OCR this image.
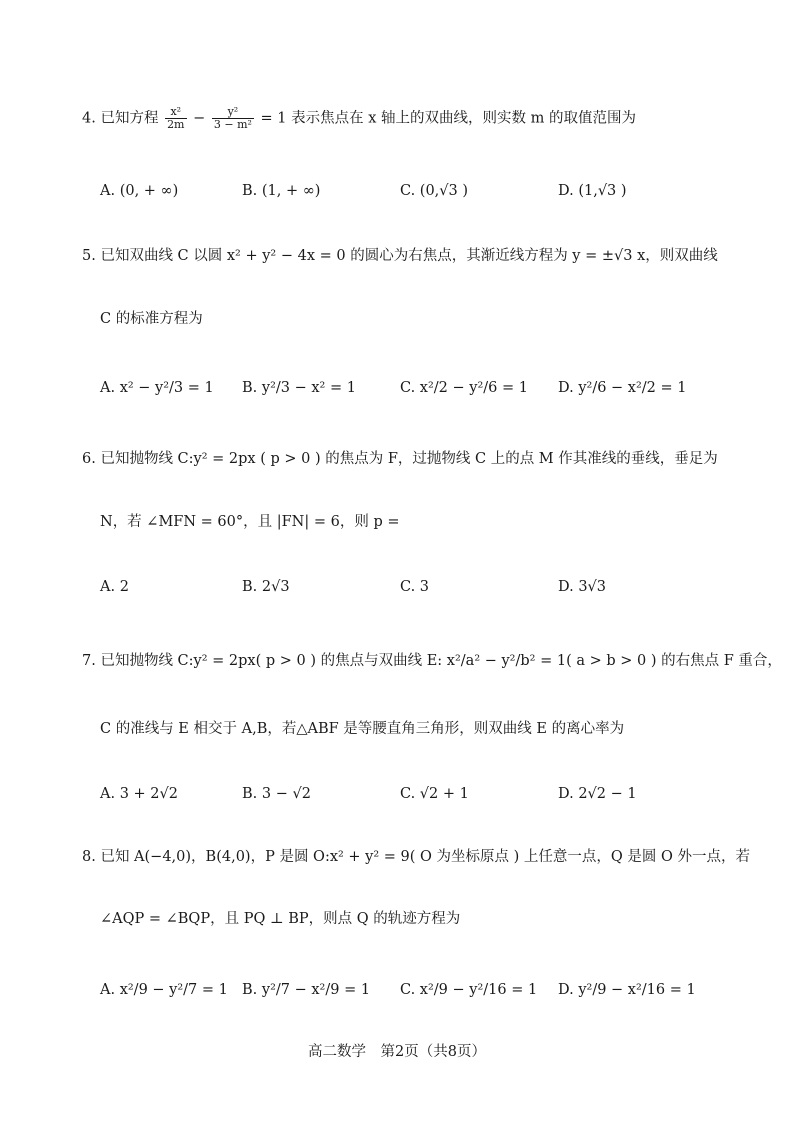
4. 已知方程 $\frac{\text{x²}}{2m} - \frac{\text{y²}}{\text{3 − m²}} = 1$ 表示焦点在 x 轴上的双曲线，则实数 m 的取值范围为
A. (0, + ∞)	B. (1, + ∞)	C. (0,√3 )	D. (1,√3 )
5. 已知双曲线 C 以圆 x² + y² − 4x = 0 的圆心为右焦点，其渐近线方程为 y = ±√3 x，则双曲线
C 的标准方程为
A. x² − y²/3 = 1 B. y²/3 − x² = 1	C. x²/2 − y²/6 = 1 D. y²/6 − x²/2 = 1
6. 已知抛物线 C:y² = 2px ( p > 0 ) 的焦点为 F，过抛物线 C 上的点 M 作其准线的垂线，垂足为
N，若 ∠MFN = 60°，且 |FN| = 6，则 p =
A. 2	B. 2√3	C. 3	D. 3√3
7. 已知抛物线 C:y² = 2px( p > 0 ) 的焦点与双曲线 E: x²/a² − y²/b² = 1( a > b > 0 ) 的右焦点 F 重合，
C 的准线与 E 相交于 A,B，若△ABF 是等腰直角三角形，则双曲线 E 的离心率为
A. 3 + 2√2	B. 3 − √2	C. √2 + 1	D. 2√2 − 1
8. 已知 A(−4,0)，B(4,0)，P 是圆 O:x² + y² = 9( O 为坐标原点 ) 上任意一点，Q 是圆 O 外一点，若
∠AQP = ∠BQP，且 PQ ⊥ BP，则点 Q 的轨迹方程为
A. x²/9 − y²/7 = 1 B. y²/7 − x²/9 = 1 C. x²/9 − y²/16 = 1 D. y²/9 − x²/16 = 1
高二数学　第2页（共8页）
